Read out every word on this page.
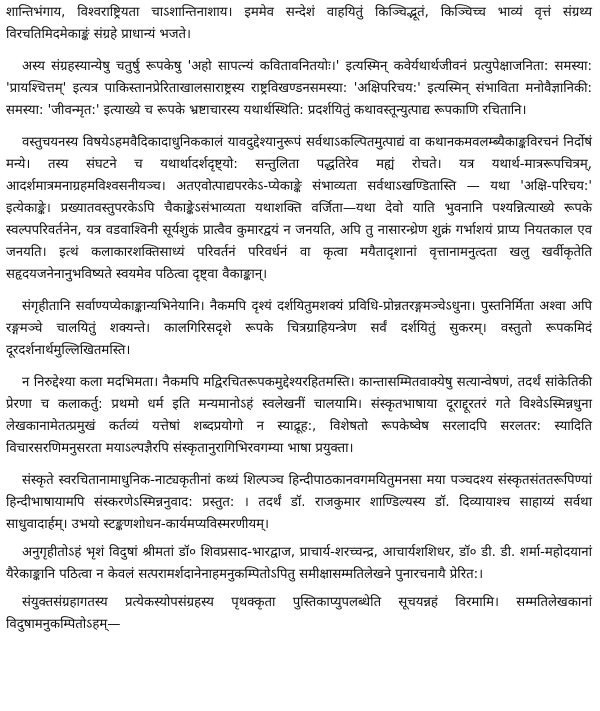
शान्तिभंगाय, विश्वराष्ट्रियता चाऽशान्तिनाशाय। इममेव सन्देशं वाहयितुं किञ्चिद्भूतं, किञ्चिच्च भाव्यं वृत्तं संग्रथ्य विरचतिमिदमेकाङ्कं संग्रहे प्राधान्यं भजते।

अस्य संग्रहस्यान्येषु चतुर्षु रूपकेषु 'अहो सापत्न्यं कवितावनितयोः।' इत्यस्मिन् कवेर्यथार्थजीवनं प्रत्युपेक्षाजनिता: समस्या: 'प्रायश्चित्तम्' इत्यत्र पाकिस्तानप्रेरिताखालसाराष्ट्रस्य राष्ट्रविखण्डनसमस्या: 'अक्षिपरिचय:' इत्यस्मिन् संभाविता मनोवैज्ञानिकी: समस्या: 'जीवन्मृत:' इत्याख्ये च रूपके भ्रष्टाचारस्य यथार्थस्थिति: प्रदर्शयितुं कथावस्तून्युत्पाद्य रूपकाणि रचितानि।

वस्तुचयनस्य विषयेऽहमवैदिकादाधुनिककालं यावदुद्देश्यानुरूपं सर्वथाऽकल्पितमुत्पाद्यं वा कथानकमवलम्ब्यैकाङ्कविरचनं निर्दोषं मन्ये। तस्य संघटने च यथार्थादर्शदृष्ट्यो: सन्तुलिता पद्धतिरेव मह्यं रोचते। यत्र यथार्थ-मात्ररूपचित्रम्, आदर्शमात्रमनाग्रहमविश्वसनीयञ्च। अतएवोत्पाद्यपरकेऽ-प्येकाङ्के संभाव्यता सर्वथाऽखण्डितास्ति — यथा 'अक्षि-परिचय:' इत्येकाङ्के। प्रख्यातवस्तुपरकेऽपि चैकाङ्केऽसंभाव्यता यथाशक्ति वर्जिता—यथा देवो याति भुवनानि पश्यन्नित्याख्ये रूपके स्वल्पपरिवर्तनेन, यत्र वडवाश्विनी सूर्यशुकं प्रात्वैव कुमारद्वयं न जनयति, अपि तु नासारन्ध्रेण शुक्रं गर्भाशयं प्राप्य नियतकाल एव जनयति। इत्थं कलाकारशक्तिसाध्यं परिवर्तनं परिवर्धनं वा कृत्वा मयैतादृशानां वृत्तानामनुत्दता खलु खर्वीकृतेति सहृदयजनेनानुभविष्यते स्वयमेव पठित्वा दृष्ट्वा वैकाङ्कान्।

संगृहीतानि सर्वाण्यप्येकाङ्कान्यभिनेयानि। नैकमपि दृश्यं दर्शयितुमशक्यं प्रविधि-प्रोन्नतरङ्गमञ्चेऽधुना। पुस्तनिर्मिता अश्वा अपि रङ्गमञ्चे चालयितुं शक्यन्ते। कालगिरिसदृशे रूपके चित्रग्राहियन्त्रेण सर्वं दर्शयितुं सुकरम्। वस्तुतो रूपकमिदं दूरदर्शनार्थमुल्लिखितमस्ति।

न निरुद्देश्या कला मदभिमता। नैकमपि मद्विरचितरूपकमुद्देश्यरहितमस्ति। कान्तासम्मितवाक्येषु सत्यान्वेषणं, तदर्थं सांकेतिकी प्रेरणा च कलाकर्तु: प्रथमो धर्म इति मन्यमानोऽहं स्वलेखनीं चालयामि। संस्कृतभाषाया दूराद्दूरतरं गते विश्वेऽस्मिन्नधुना लेखकानामेतत्प्रमुखं कर्तव्यं यत्तेषां शब्दप्रयोगो न स्याद्रूह:, विशेषतो रूपकेष्वेष सरलादपि सरलतर: स्यादिति विचारसरणिमनुसरता मयाऽल्पज्ञैरपि संस्कृतानुरागिभिरवगम्या भाषा प्रयुक्ता।

संस्कृते स्वरचितानामाधुनिक-नाट्यकृतीनां कथ्यं शिल्पञ्च हिन्दीपाठकानवगमयितुमनसा मया पञ्चदश्य संस्कृतसंततरूपिण्यां हिन्दीभाषायामपि संस्करणेऽस्मिन्ननुवाद: प्रस्तुत: । तदर्थं डॉ. राजकुमार शाण्डिल्यस्य डॉ. दिव्यायाश्च साहाय्यं सर्वथा साधुवादार्हम्। उभयो स्टङ्कणशोधन-कार्यमप्यविस्मरणीयम्।

अनुगृहीतोऽहं भृशं विदुषां श्रीमतां डॉ० शिवप्रसाद-भारद्वाज, प्राचार्य-शरच्चन्द्र, आचार्यशशिधर, डॉ० डी. डी. शर्मा-महोदयानां यैरेकाङ्कानि पठित्वा न केवलं सत्परामर्शदानेनाहमनुकम्पितोऽपितु समीक्षासम्मतिलेखने पुनारचनायै प्रेरित:।

संयुक्तसंग्रहागतस्य प्रत्येकस्योपसंग्रहस्य पृथक्कृता पुस्तिकाप्युपलब्धेति सूचयन्नहं विरमामि। सम्मतिलेखकानां विदुषामनुकम्पितोऽहम्—
